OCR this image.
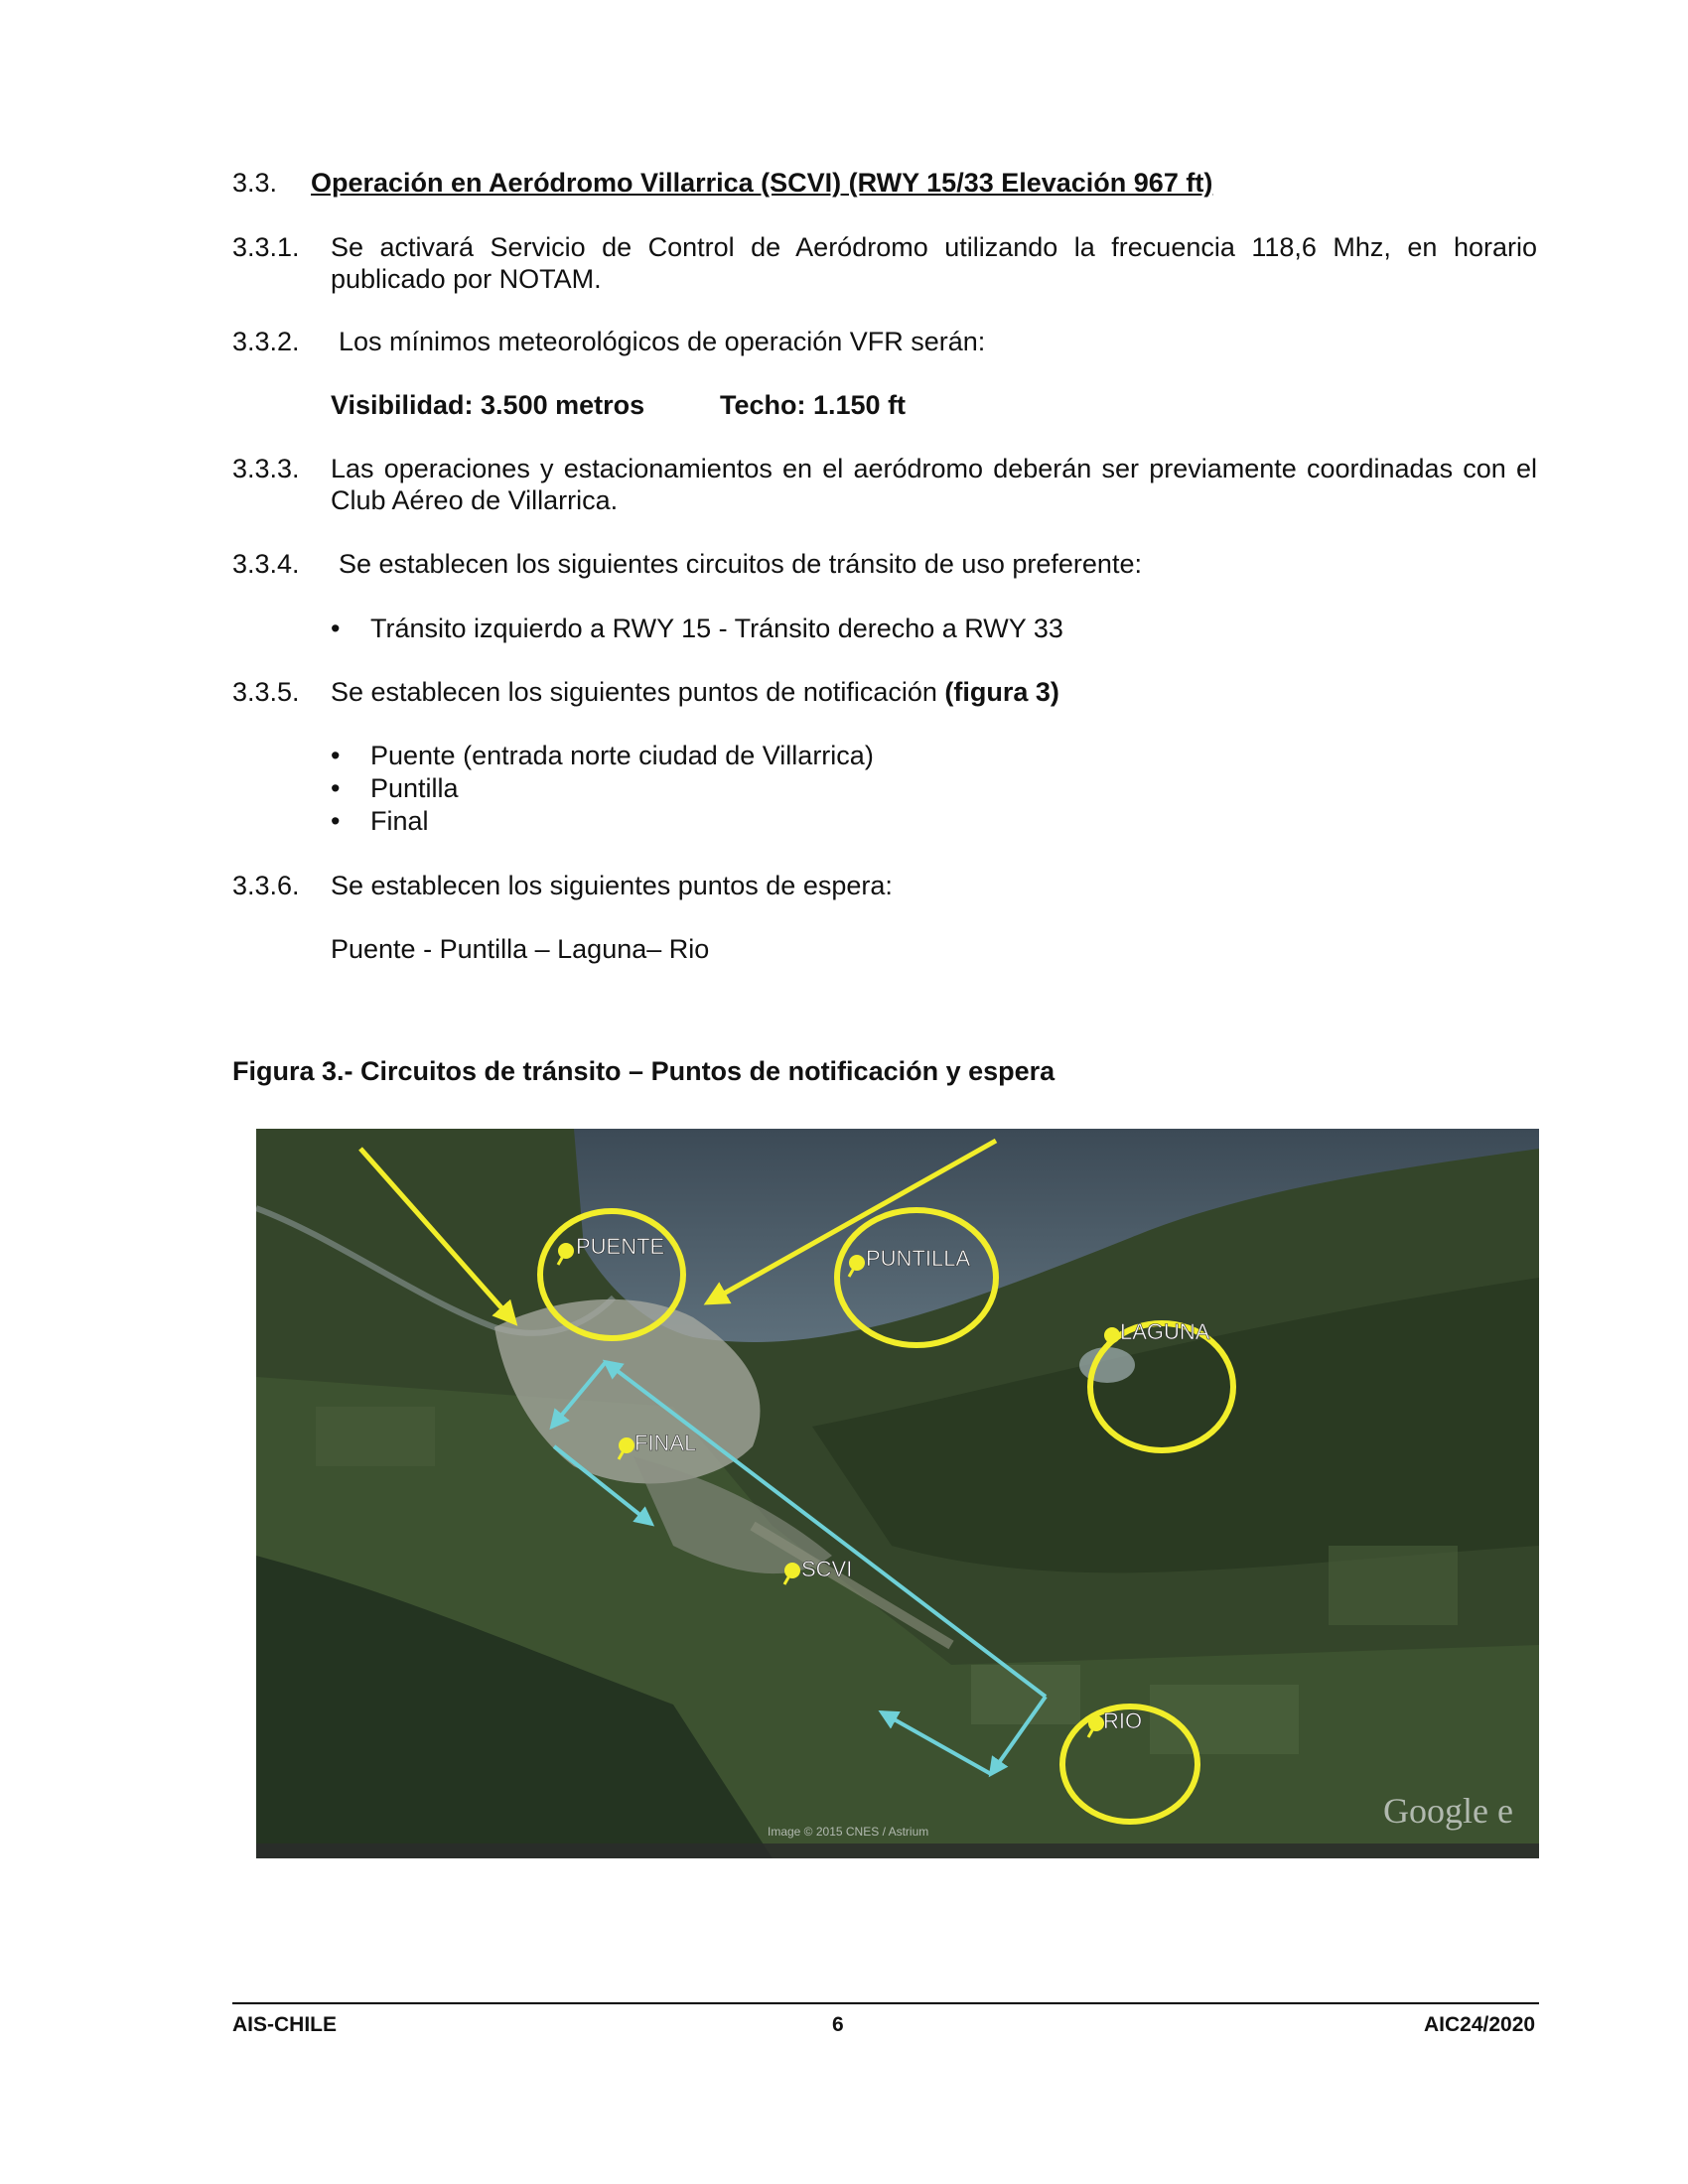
3.3. Operación en Aeródromo Villarrica (SCVI) (RWY 15/33 Elevación 967 ft)
3.3.1. Se activará Servicio de Control de Aeródromo utilizando la frecuencia 118,6 Mhz, en horario publicado por NOTAM.
3.3.2. Los mínimos meteorológicos de operación VFR serán:
Visibilidad: 3.500 metros	Techo: 1.150 ft
3.3.3. Las operaciones y estacionamientos en el aeródromo deberán ser previamente coordinadas con el Club Aéreo de Villarrica.
3.3.4. Se establecen los siguientes circuitos de tránsito de uso preferente:
• Tránsito izquierdo a RWY 15 - Tránsito derecho a RWY 33
3.3.5. Se establecen los siguientes puntos de notificación (figura 3)
• Puente (entrada norte ciudad de Villarrica)
• Puntilla
• Final
3.3.6. Se establecen los siguientes puntos de espera:
Puente - Puntilla – Laguna– Rio
Figura 3.- Circuitos de tránsito – Puntos de notificación y espera
PUENTE	PUNTILLA
LAGUNA
FINAL
SCVI
RIO
Google e
Image © 2015 CNES / Astrium
AIS-CHILE	6	AIC24/2020
